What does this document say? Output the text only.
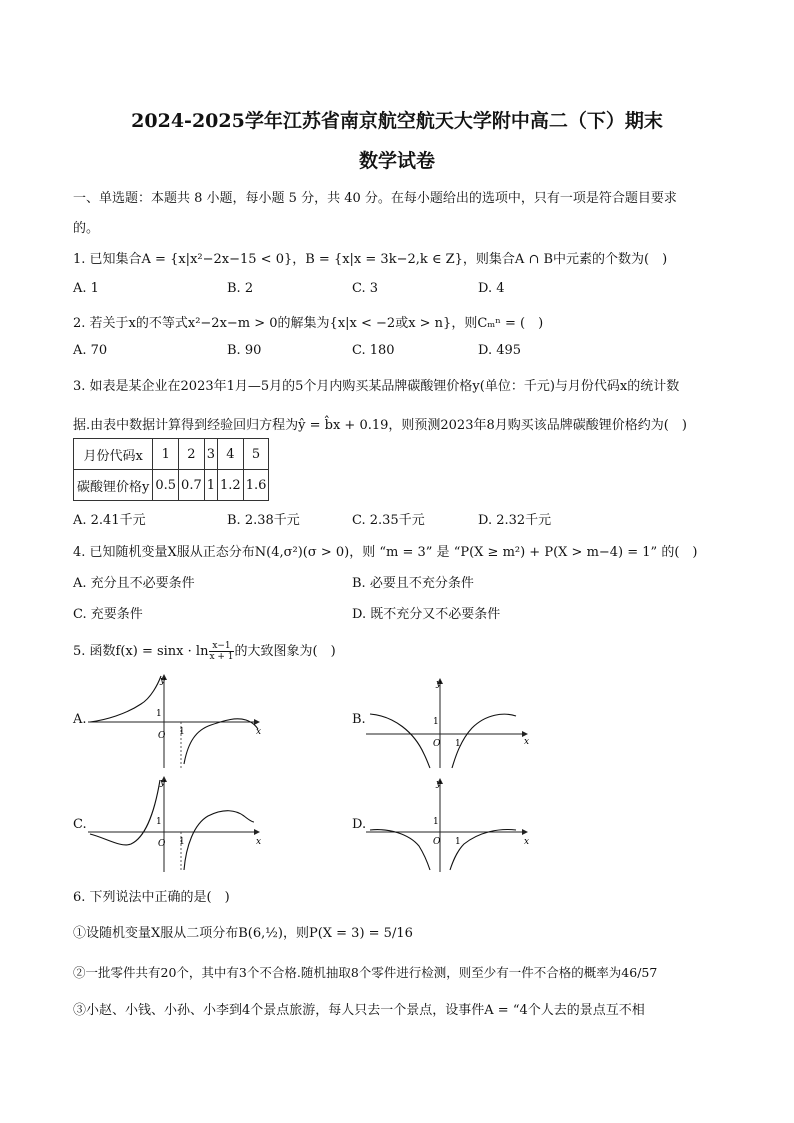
2024-2025学年江苏省南京航空航天大学附中高二（下）期末
数学试卷
一、单选题：本题共 8 小题，每小题 5 分，共 40 分。在每小题给出的选项中，只有一项是符合题目要求
的。
1. 已知集合A = {x|x²−2x−15 < 0}，B = {x|x = 3k−2,k ∈ Z}，则集合A ∩ B中元素的个数为(　)
A. 1	B. 2	C. 3	D. 4
2. 若关于x的不等式x²−2x−m > 0的解集为{x|x < −2或x > n}，则Cₘⁿ = (　)
A. 70	B. 90	C. 180	D. 495
3. 如表是某企业在2023年1月—5月的5个月内购买某品牌碳酸锂价格y(单位：千元)与月份代码x的统计数
据.由表中数据计算得到经验回归方程为ŷ = b̂x + 0.19，则预测2023年8月购买该品牌碳酸锂价格约为(　)
月份代码x	1	2	3	4	5
碳酸锂价格y	0.5	0.7	1	1.2	1.6
A. 2.41千元	B. 2.38千元	C. 2.35千元	D. 2.32千元
4. 已知随机变量X服从正态分布N(4,σ²)(σ > 0)，则 “m = 3” 是 “P(X ≥ m²) + P(X > m−4) = 1” 的(　)
A. 充分且不必要条件	B. 必要且不充分条件
C. 充要条件	D. 既不充分又不必要条件
5. 函数$f(x) = \sin x \cdot \ln \frac{x-1}{x + 1}$ 的大致图象为(　)
A.	B.
C.	D.
x
y
O 1
1
x
y
O 1
1
x
y
O 1
1
x
y
O 1
1
6. 下列说法中正确的是(　)
①设随机变量X服从二项分布B(6,½)，则P(X = 3) = 5/16
②一批零件共有20个，其中有3个不合格.随机抽取8个零件进行检测，则至少有一件不合格的概率为46/57
③小赵、小钱、小孙、小李到4个景点旅游，每人只去一个景点，设事件A = “4个人去的景点互不相
